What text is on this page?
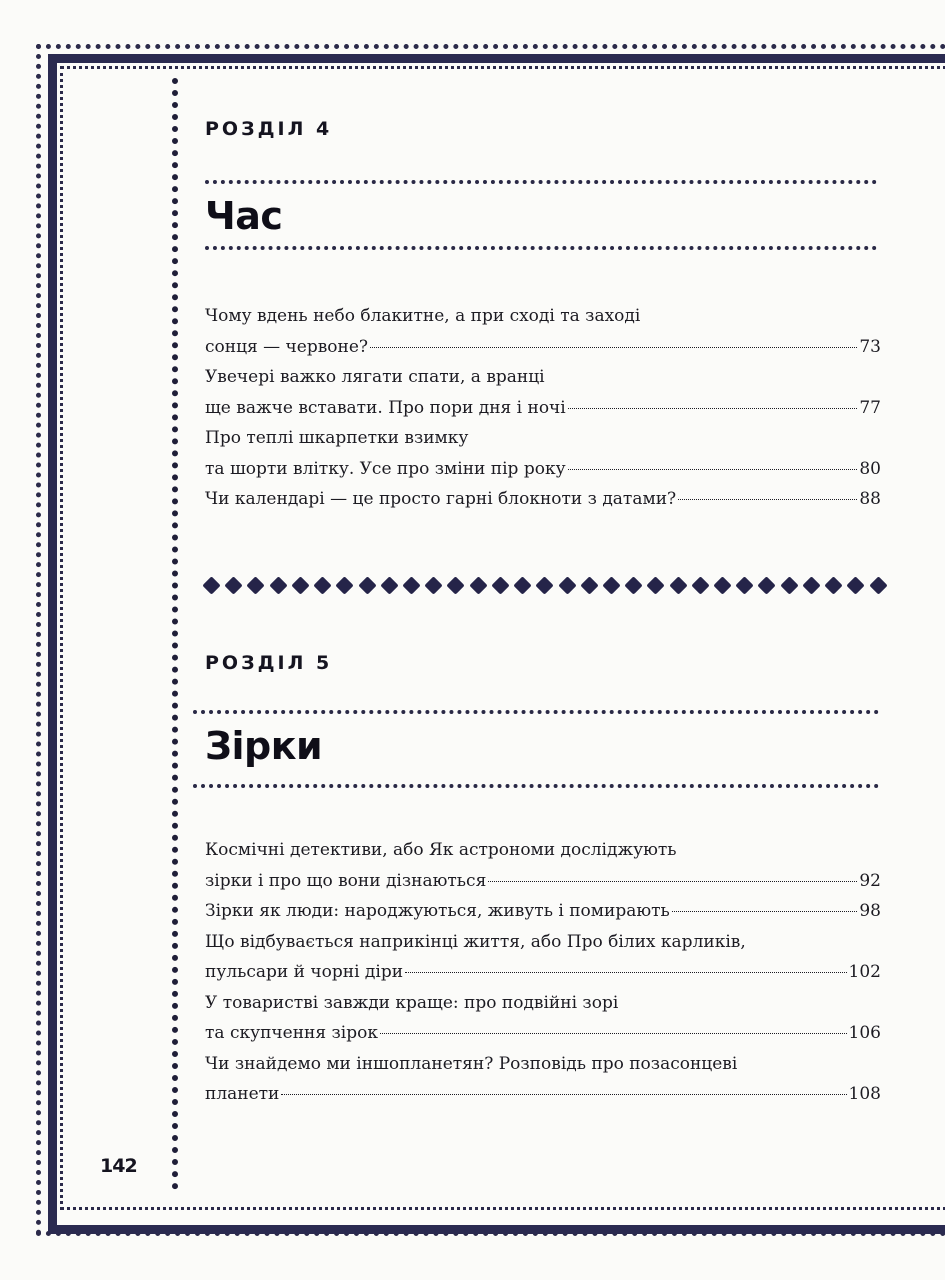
РОЗДІЛ 4
Час
Чому вдень небо блакитне, а при сході та заході
сонця — червоне?	73
Увечері важко лягати спати, а вранці
ще важче вставати. Про пори дня і ночі	77
Про теплі шкарпетки взимку
та шорти влітку. Усе про зміни пір року	80
Чи календарі — це просто гарні блокноти з датами?	88
РОЗДІЛ 5
Зірки
Космічні детективи, або Як астрономи досліджують
зірки і про що вони дізнаються	92
Зірки як люди: народжуються, живуть і помирають	98
Що відбувається наприкінці життя, або Про білих карликів,
пульсари й чорні діри	102
У товаристві завжди краще: про подвійні зорі
та скупчення зірок	106
Чи знайдемо ми іншопланетян? Розповідь про позасонцеві
планети	108
142
